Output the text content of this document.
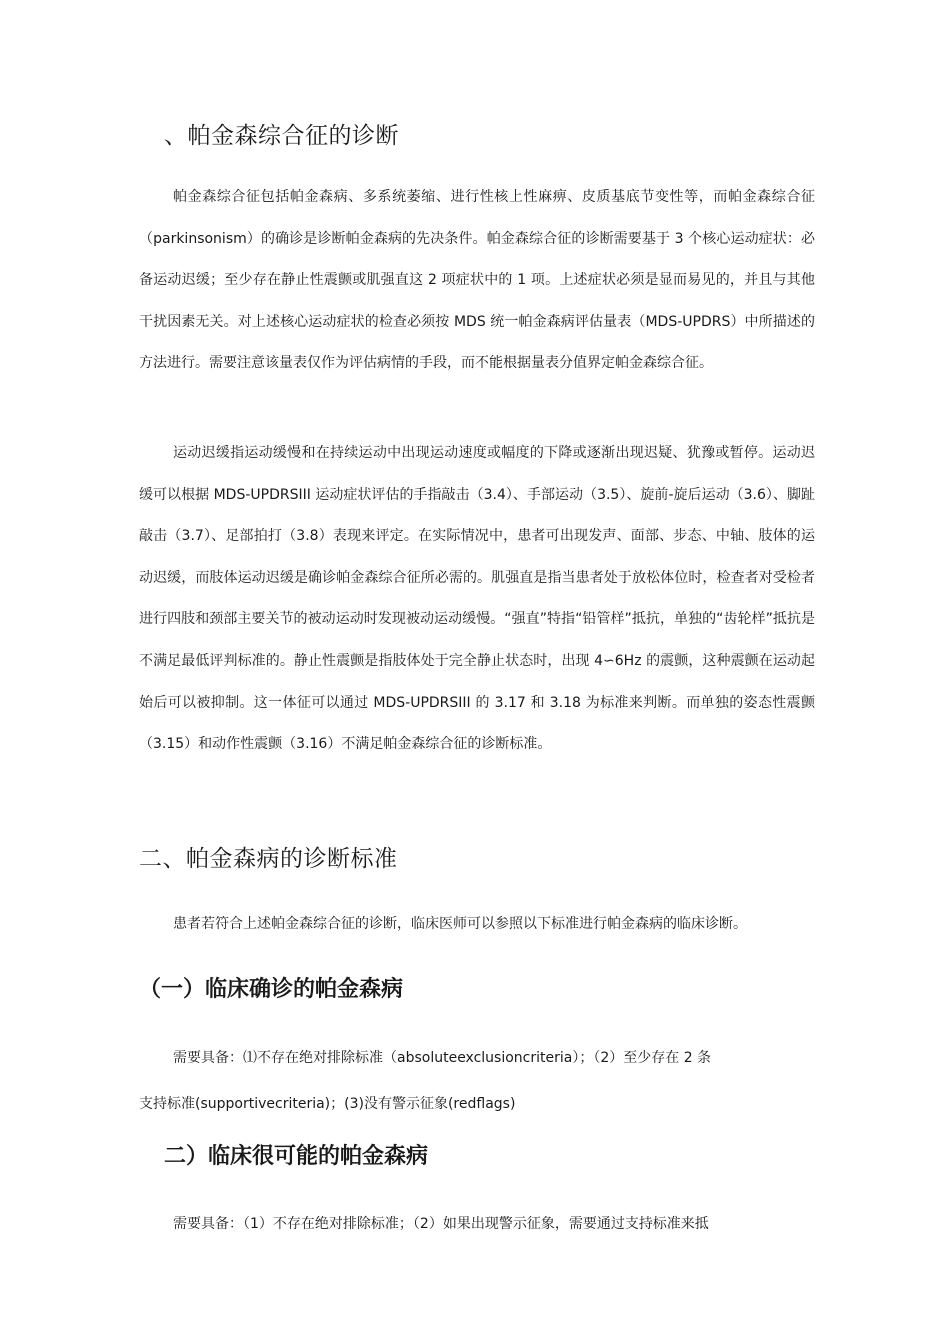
、帕金森综合征的诊断

帕金森综合征包括帕金森病、多系统萎缩、进行性核上性麻痹、皮质基底节变性等，而帕金森综合征（parkinsonism）的确诊是诊断帕金森病的先决条件。帕金森综合征的诊断需要基于 3 个核心运动症状：必备运动迟缓；至少存在静止性震颤或肌强直这 2 项症状中的 1 项。上述症状必须是显而易见的，并且与其他干扰因素无关。对上述核心运动症状的检查必须按 MDS 统一帕金森病评估量表（MDS-UPDRS）中所描述的方法进行。需要注意该量表仅作为评估病情的手段，而不能根据量表分值界定帕金森综合征。

运动迟缓指运动缓慢和在持续运动中出现运动速度或幅度的下降或逐渐出现迟疑、犹豫或暂停。运动迟缓可以根据 MDS-UPDRSIII 运动症状评估的手指敲击（3.4）、手部运动（3.5）、旋前-旋后运动（3.6）、脚趾敲击（3.7）、足部拍打（3.8）表现来评定。在实际情况中，患者可出现发声、面部、步态、中轴、肢体的运动迟缓，而肢体运动迟缓是确诊帕金森综合征所必需的。肌强直是指当患者处于放松体位时，检查者对受检者进行四肢和颈部主要关节的被动运动时发现被动运动缓慢。“强直”特指“铅管样”抵抗，单独的“齿轮样”抵抗是不满足最低评判标准的。静止性震颤是指肢体处于完全静止状态时，出现 4∽6Hz 的震颤，这种震颤在运动起始后可以被抑制。这一体征可以通过 MDS-UPDRSIII 的 3.17 和 3.18 为标准来判断。而单独的姿态性震颤（3.15）和动作性震颤（3.16）不满足帕金森综合征的诊断标准。

二、帕金森病的诊断标准

患者若符合上述帕金森综合征的诊断，临床医师可以参照以下标准进行帕金森病的临床诊断。

（一）临床确诊的帕金森病

需要具备：⑴不存在绝对排除标准（absoluteexclusioncriteria）；（2）至少存在 2 条

支持标准(supportivecriteria)；(3)没有警示征象(redflags)

二）临床很可能的帕金森病

需要具备：（1）不存在绝对排除标准；（2）如果出现警示征象，需要通过支持标准来抵
